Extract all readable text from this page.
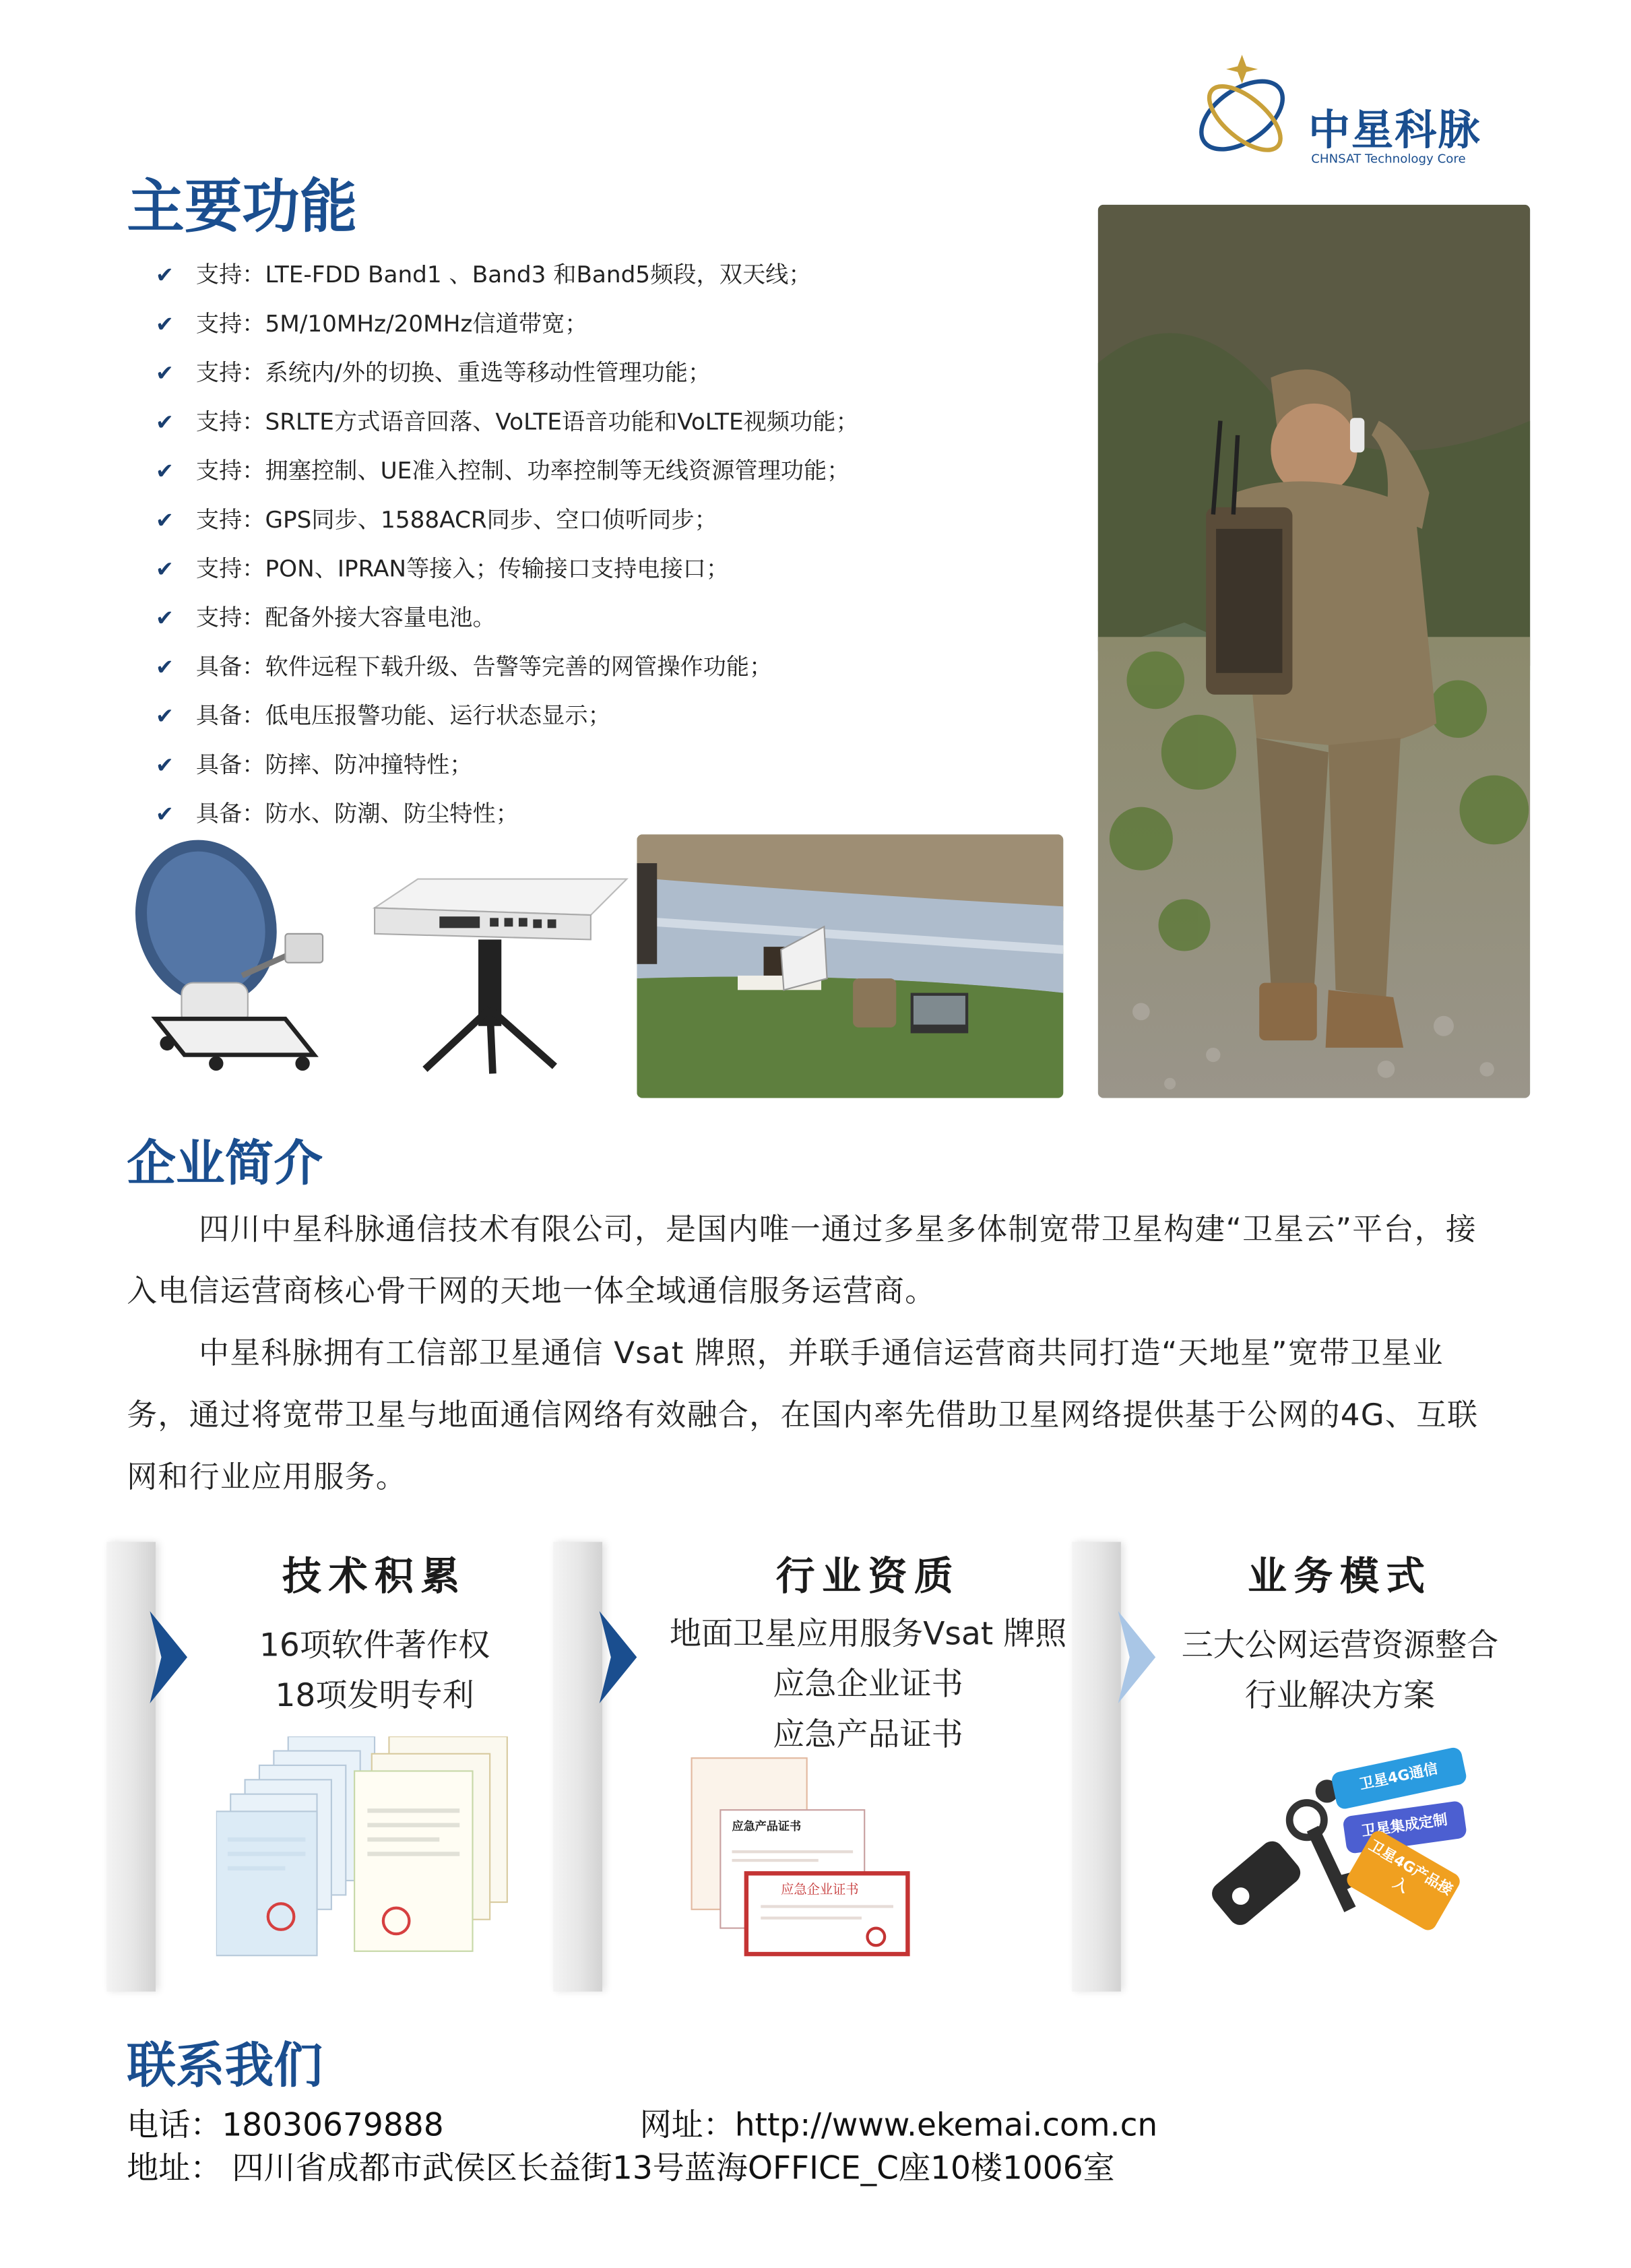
中星科脉
CHNSAT Technology Core
主要功能
✔	支持：LTE-FDD Band1 、Band3 和Band5频段，双天线；
✔	支持：5M/10MHz/20MHz信道带宽；
✔	支持：系统内/外的切换、重选等移动性管理功能；
✔	支持：SRLTE方式语音回落、VoLTE语音功能和VoLTE视频功能；
✔	支持：拥塞控制、UE准入控制、功率控制等无线资源管理功能；
✔	支持：GPS同步、1588ACR同步、空口侦听同步；
✔	支持：PON、IPRAN等接入；传输接口支持电接口；
✔	支持：配备外接大容量电池。
✔	具备：软件远程下载升级、告警等完善的网管操作功能；
✔	具备：低电压报警功能、运行状态显示；
✔	具备：防摔、防冲撞特性；
✔	具备：防水、防潮、防尘特性；
企业简介

四川中星科脉通信技术有限公司，是国内唯一通过多星多体制宽带卫星构建“卫星云”平台，接入电信运营商核心骨干网的天地一体全域通信服务运营商。

中星科脉拥有工信部卫星通信 Vsat 牌照，并联手通信运营商共同打造“天地星”宽带卫星业务，通过将宽带卫星与地面通信网络有效融合，在国内率先借助卫星网络提供基于公网的4G、互联网和行业应用服务。

技术积累
16项软件著作权
18项发明专利
行业资质
地面卫星应用服务Vsat 牌照
应急企业证书
应急产品证书
业务模式
三大公网运营资源整合
行业解决方案
应急产品证书
应急企业证书
卫星4G通信
卫星集成定制
卫星4G产品接入
联系我们
电话：18030679888	网址：http://www.ekemai.com.cn
地址： 四川省成都市武侯区长益街13号蓝海OFFICE_C座10楼1006室
